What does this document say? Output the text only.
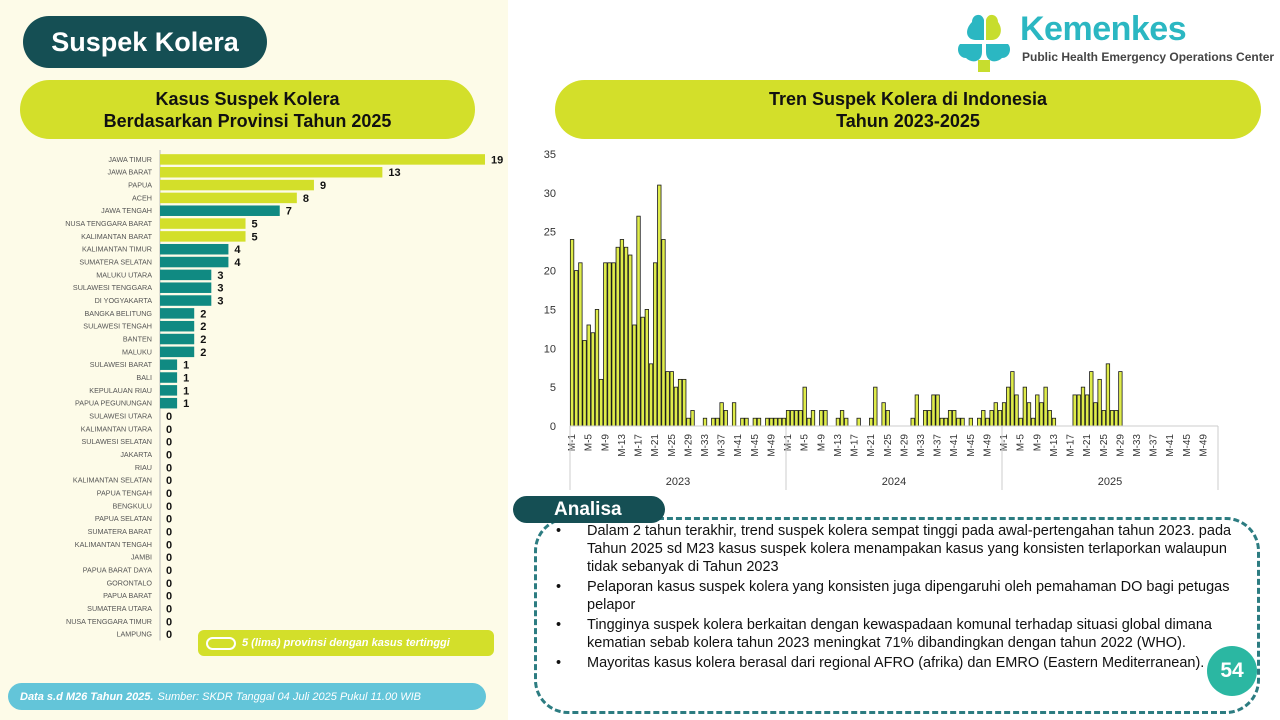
Suspek Kolera
Kasus Suspek Kolera
Berdasarkan Provinsi Tahun 2025
Tren Suspek Kolera di Indonesia
Tahun 2023-2025
JAWA TIMUR	19
JAWA BARAT	13
PAPUA	9
ACEH	8
JAWA TENGAH	7
NUSA TENGGARA BARAT	5
KALIMANTAN BARAT	5
KALIMANTAN TIMUR	4
SUMATERA SELATAN	4
MALUKU UTARA	3
SULAWESI TENGGARA	3
DI YOGYAKARTA	3
BANGKA BELITUNG	2
SULAWESI TENGAH	2
BANTEN	2
MALUKU	2
SULAWESI BARAT	1
BALI	1
KEPULAUAN RIAU	1
PAPUA PEGUNUNGAN	1
SULAWESI UTARA 0
KALIMANTAN UTARA 0
SULAWESI SELATAN 0
JAKARTA 0
RIAU 0
KALIMANTAN SELATAN 0
PAPUA TENGAH 0
BENGKULU 0
PAPUA SELATAN 0
SUMATERA BARAT 0
KALIMANTAN TENGAH 0
JAMBI 0
PAPUA BARAT DAYA 0
GORONTALO 0
PAPUA BARAT 0
SUMATERA UTARA 0
NUSA TENGGARA TIMUR 0
LAMPUNG 0
0
5
10
15
20
25
30
35
M-1 M-5 M-9 M-13 M-17 M-21 M-25 M-29 M-33 M-37 M-41 M-45 M-49 M-1 M-5 M-9 M-13 M-17 M-21 M-25 M-29 M-33 M-37 M-41 M-45 M-49 M-1 M-5 M-9 M-13 M-17 M-21 M-25 M-29 M-33 M-37 M-41 M-45 M-49
2023	2024	2025
5 (lima) provinsi dengan kasus tertinggi
Data s.d M26 Tahun 2025. Sumber: SKDR Tanggal 04 Juli 2025 Pukul 11.00 WIB
Kemenkes
Public Health Emergency Operations Center
Analisa
• Dalam 2 tahun terakhir, trend suspek kolera sempat tinggi pada awal-pertengahan tahun 2023. pada Tahun 2025 sd M23 kasus suspek kolera menampakan kasus yang konsisten terlaporkan walaupun tidak sebanyak di Tahun 2023
• Pelaporan kasus suspek kolera yang konsisten juga dipengaruhi oleh pemahaman DO bagi petugas pelapor
• Tingginya suspek kolera berkaitan dengan kewaspadaan komunal terhadap situasi global dimana kematian sebab kolera tahun 2023 meningkat 71% dibandingkan dengan tahun 2022 (WHO).
• Mayoritas kasus kolera berasal dari regional AFRO (afrika) dan EMRO (Eastern Mediterranean). 54
